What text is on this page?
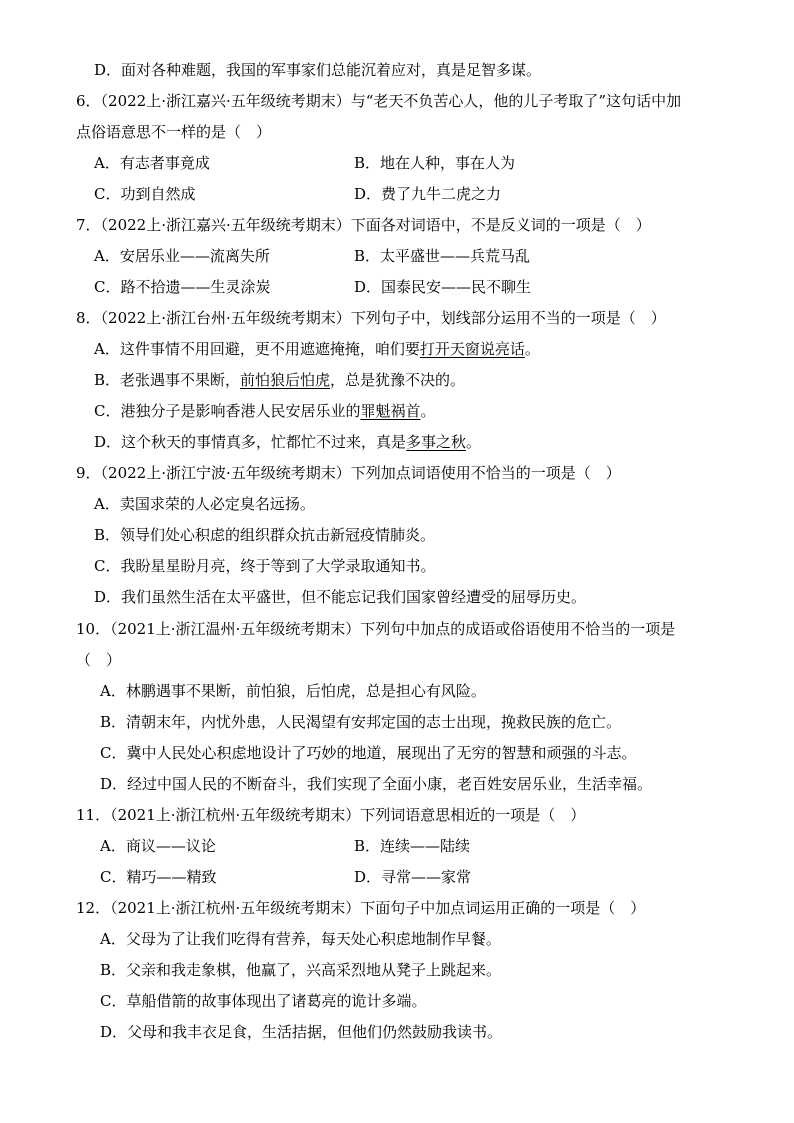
D．面对各种难题，我国的军事家们总能沉着应对，真是足智多谋。
6．（2022上·浙江嘉兴·五年级统考期末）与“老天不负苦心人，他的儿子考取了”这句话中加
点俗语意思不一样的是（　）
A．有志者事竟成	B．地在人种，事在人为
C．功到自然成	D．费了九牛二虎之力
7．（2022上·浙江嘉兴·五年级统考期末）下面各对词语中，不是反义词的一项是（　）
A．安居乐业——流离失所	B．太平盛世——兵荒马乱
C．路不拾遗——生灵涂炭	D．国泰民安——民不聊生
8．（2022上·浙江台州·五年级统考期末）下列句子中，划线部分运用不当的一项是（　）
A．这件事情不用回避，更不用遮遮掩掩，咱们要打开天窗说亮话。
B．老张遇事不果断，前怕狼后怕虎，总是犹豫不决的。
C．港独分子是影响香港人民安居乐业的罪魁祸首。
D．这个秋天的事情真多，忙都忙不过来，真是多事之秋。
9．（2022上·浙江宁波·五年级统考期末）下列加点词语使用不恰当的一项是（　）
A．卖国求荣的人必定臭名远扬。
B．领导们处心积虑的组织群众抗击新冠疫情肺炎。
C．我盼星星盼月亮，终于等到了大学录取通知书。
D．我们虽然生活在太平盛世，但不能忘记我们国家曾经遭受的屈辱历史。
10．（2021上·浙江温州·五年级统考期末）下列句中加点的成语或俗语使用不恰当的一项是
（　）
A．林鹏遇事不果断，前怕狼，后怕虎，总是担心有风险。
B．清朝末年，内忧外患，人民渴望有安邦定国的志士出现，挽救民族的危亡。
C．冀中人民处心积虑地设计了巧妙的地道，展现出了无穷的智慧和顽强的斗志。
D．经过中国人民的不断奋斗，我们实现了全面小康，老百姓安居乐业，生活幸福。
11．（2021上·浙江杭州·五年级统考期末）下列词语意思相近的一项是（　）
A．商议——议论	B．连续——陆续
C．精巧——精致	D．寻常——家常
12．（2021上·浙江杭州·五年级统考期末）下面句子中加点词运用正确的一项是（　）
A．父母为了让我们吃得有营养，每天处心积虑地制作早餐。
B．父亲和我走象棋，他赢了，兴高采烈地从凳子上跳起来。
C．草船借箭的故事体现出了诸葛亮的诡计多端。
D．父母和我丰衣足食，生活拮据，但他们仍然鼓励我读书。
